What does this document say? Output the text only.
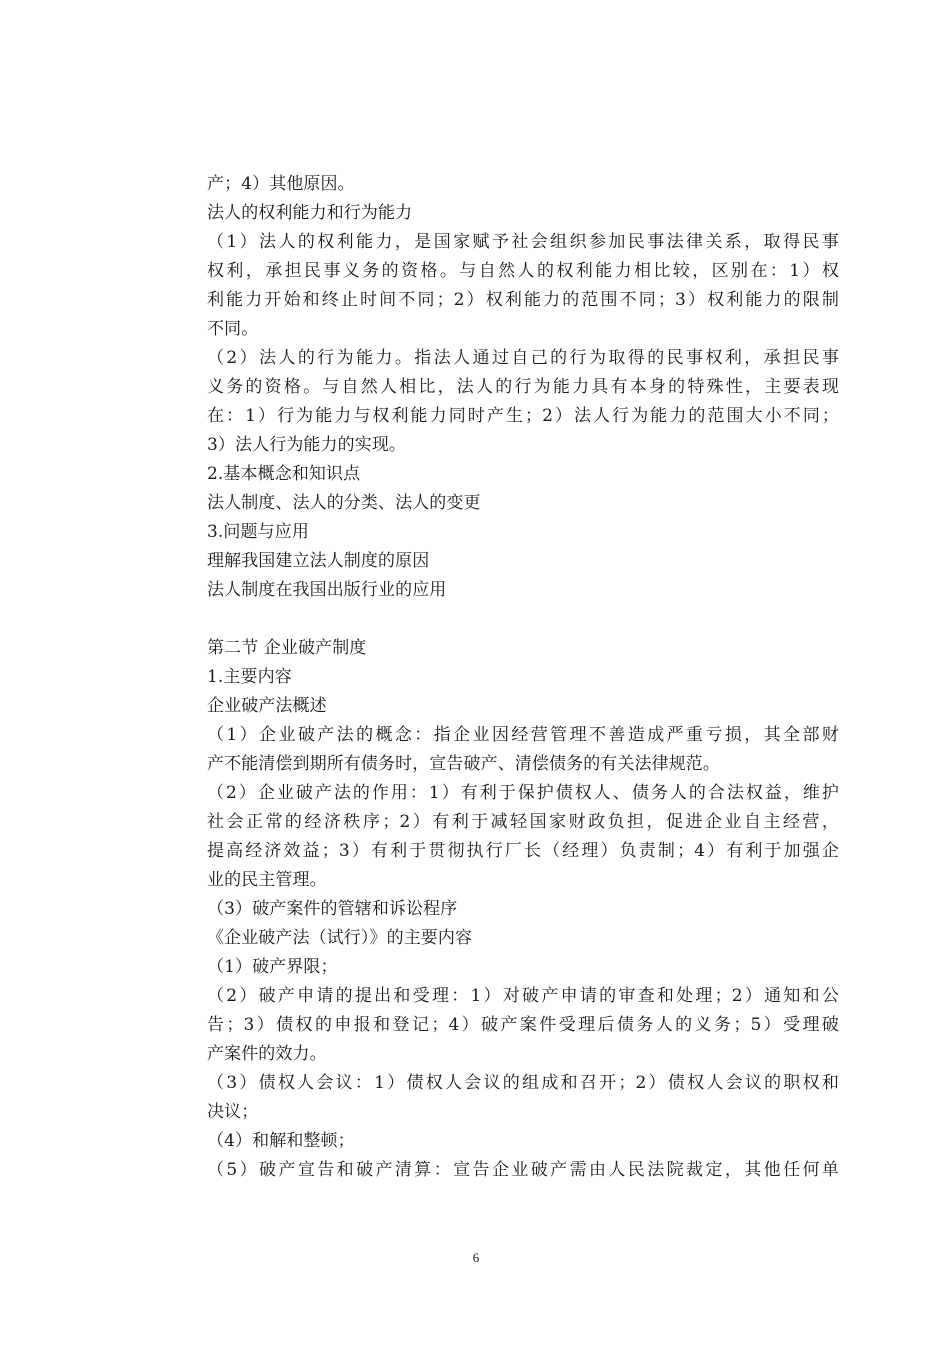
产；4）其他原因。
法人的权利能力和行为能力
（1）法人的权利能力，是国家赋予社会组织参加民事法律关系，取得民事
权利，承担民事义务的资格。与自然人的权利能力相比较，区别在：1）权
利能力开始和终止时间不同；2）权利能力的范围不同；3）权利能力的限制
不同。
（2）法人的行为能力。指法人通过自己的行为取得的民事权利，承担民事
义务的资格。与自然人相比，法人的行为能力具有本身的特殊性，主要表现
在：1）行为能力与权利能力同时产生；2）法人行为能力的范围大小不同；
3）法人行为能力的实现。
2.基本概念和知识点
法人制度、法人的分类、法人的变更
3.问题与应用
理解我国建立法人制度的原因
法人制度在我国出版行业的应用
第二节 企业破产制度
1.主要内容
企业破产法概述
（1）企业破产法的概念：指企业因经营管理不善造成严重亏损，其全部财
产不能清偿到期所有债务时，宣告破产、清偿债务的有关法律规范。
（2）企业破产法的作用：1）有利于保护债权人、债务人的合法权益，维护
社会正常的经济秩序；2）有利于减轻国家财政负担，促进企业自主经营，
提高经济效益；3）有利于贯彻执行厂长（经理）负责制；4）有利于加强企
业的民主管理。
（3）破产案件的管辖和诉讼程序
《企业破产法（试行）》的主要内容
（1）破产界限；
（2）破产申请的提出和受理：1）对破产申请的审查和处理；2）通知和公
告；3）债权的申报和登记；4）破产案件受理后债务人的义务；5）受理破
产案件的效力。
（3）债权人会议：1）债权人会议的组成和召开；2）债权人会议的职权和
决议；
（4）和解和整顿；
（5）破产宣告和破产清算：宣告企业破产需由人民法院裁定，其他任何单
6
